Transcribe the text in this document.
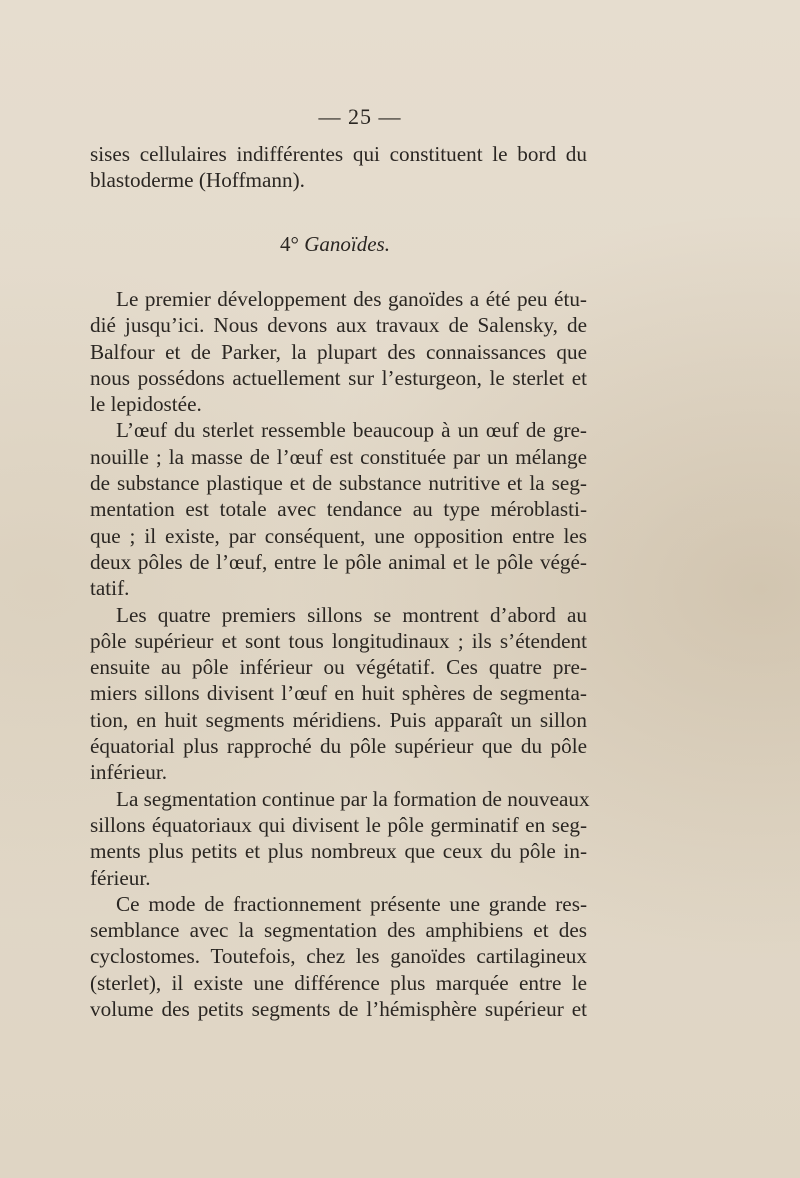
— 25 —
sises cellulaires indifférentes qui constituent le bord du
blastoderme (Hoffmann).
4° Ganoïdes.
Le premier développement des ganoïdes a été peu étu-
dié jusqu’ici. Nous devons aux travaux de Salensky, de
Balfour et de Parker, la plupart des connaissances que
nous possédons actuellement sur l’esturgeon, le sterlet et
le lepidostée.
L’œuf du sterlet ressemble beaucoup à un œuf de gre-
nouille ; la masse de l’œuf est constituée par un mélange
de substance plastique et de substance nutritive et la seg-
mentation est totale avec tendance au type méroblasti-
que ; il existe, par conséquent, une opposition entre les
deux pôles de l’œuf, entre le pôle animal et le pôle végé-
tatif.
Les quatre premiers sillons se montrent d’abord au
pôle supérieur et sont tous longitudinaux ; ils s’étendent
ensuite au pôle inférieur ou végétatif. Ces quatre pre-
miers sillons divisent l’œuf en huit sphères de segmenta-
tion, en huit segments méridiens. Puis apparaît un sillon
équatorial plus rapproché du pôle supérieur que du pôle
inférieur.
La segmentation continue par la formation de nouveaux
sillons équatoriaux qui divisent le pôle germinatif en seg-
ments plus petits et plus nombreux que ceux du pôle in-
férieur.
Ce mode de fractionnement présente une grande res-
semblance avec la segmentation des amphibiens et des
cyclostomes. Toutefois, chez les ganoïdes cartilagineux
(sterlet), il existe une différence plus marquée entre le
volume des petits segments de l’hémisphère supérieur et
